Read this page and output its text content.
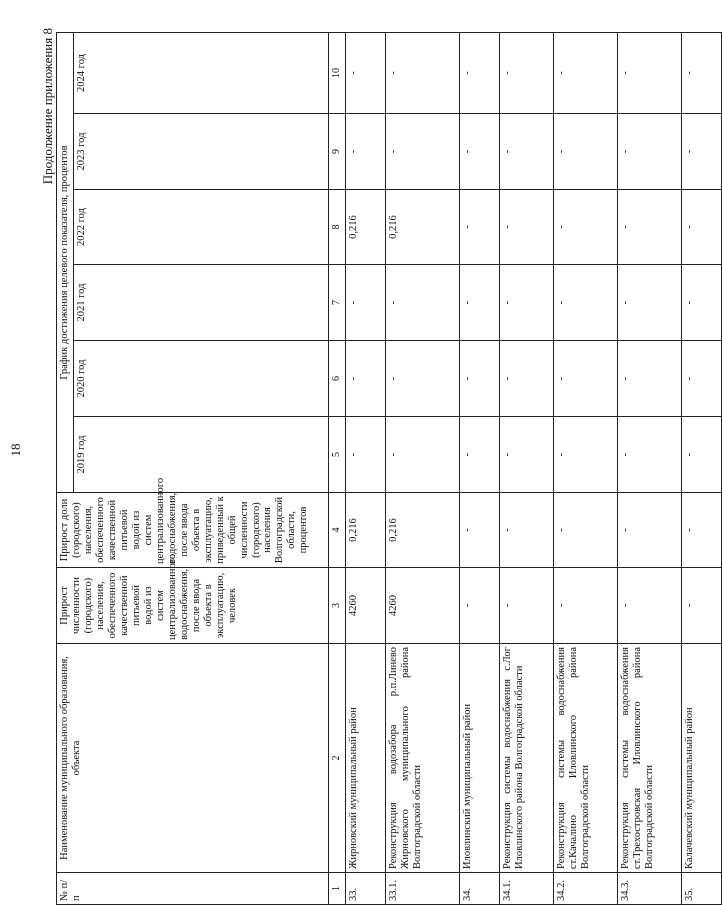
18
Продолжение приложения 8
№ п/п	Наименование муниципального образования, объекта	Прирост численности (городского) населения, обеспеченного качественной питьевой водой из систем централизованного водоснабжения, после ввода объекта в эксплуатацию, человек	Прирост доли (городского) населения, обеспеченного качественной питьевой водой из систем централизованного водоснабжения, после ввода объекта в эксплуатацию, приведенный к общей численности (городского) населения Волгоградской области, процентов	График достижения целевого показателя, процентов					
				2019 год	2020 год	2021 год	2022 год	2023 год	2024 год
1	2	3	4	5	6	7	8	9	10
33.	Жирновский муниципальный район	4260	0,216	-	-	-	0,216	-	-
33.1.	Реконструкция водозабора р.п.Линево Жирновского муниципального района Волгоградской области	4260	0,216	-	-	-	0,216	-	-
34.	Иловлинский муниципальный район	-	-	-	-	-	-	-	-
34.1.	Реконструкция системы водоснабжения с.Лог Иловлинского района Волгоградской области	-	-	-	-	-	-	-	-
34.2.	Реконструкция системы водоснабжения ст.Качалино Иловлинского района Волгоградской области	-	-	-	-	-	-	-	-
34.3.	Реконструкция системы водоснабжения ст.Трехостровская Иловлинского района Волгоградской области	-	-	-	-	-	-	-	-
35.	Калачевский муниципальный район	-	-	-	-	-	-	-	-
